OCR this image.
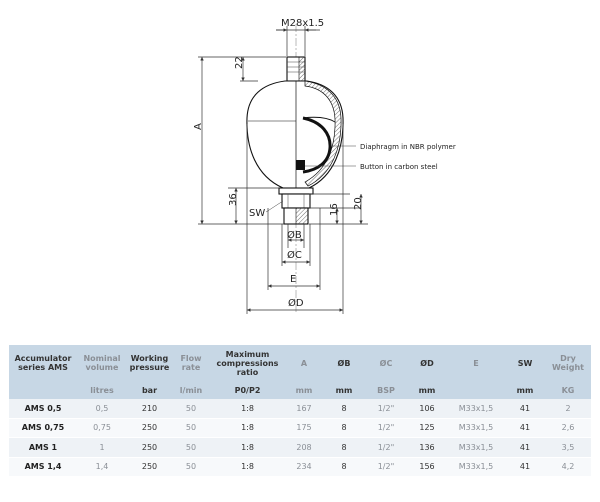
M28x1.5
22
A
36
SW	16 20
ØB
ØC
E
ØD
Diaphragm in NBR polymer
Button in carbon steel
Accumulator series AMS	Nominal volume	Working pressure	Flow rate	Maximum compressions ratio	A	ØB	ØC	ØD	E	SW	Dry Weight
	litres	bar	l/min	P0/P2	mm	mm	BSP	mm		mm	KG
AMS 0,5	0,5	210	50	1:8	167	8	1/2"	106	M33x1,5	41	2
AMS 0,75	0,75	250	50	1:8	175	8	1/2"	125	M33x1,5	41	2,6
AMS 1	1	250	50	1:8	208	8	1/2"	136	M33x1,5	41	3,5
AMS 1,4	1,4	250	50	1:8	234	8	1/2"	156	M33x1,5	41	4,2
